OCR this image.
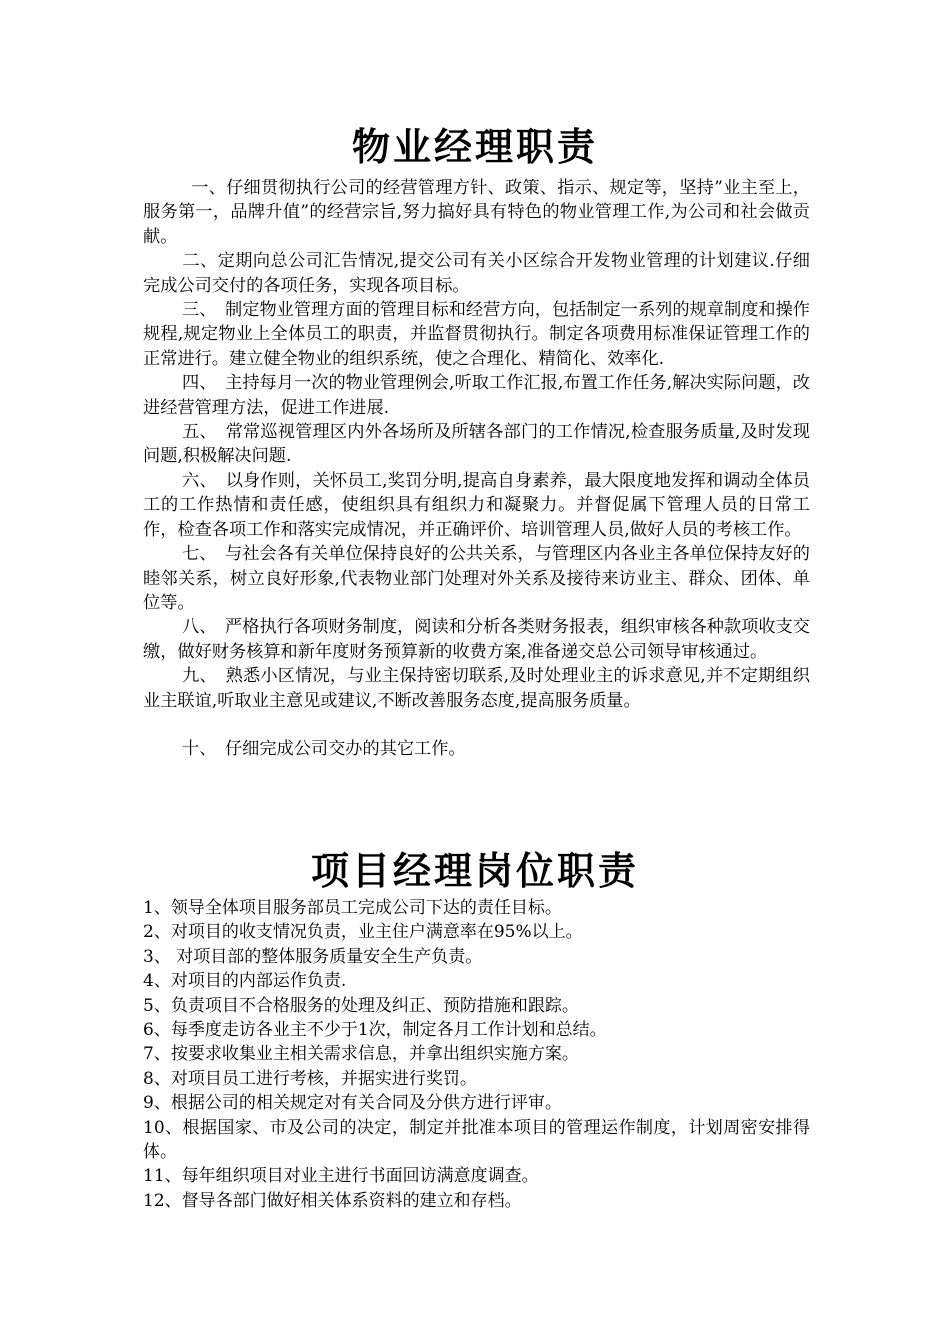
物业经理职责

一、仔细贯彻执行公司的经营管理方针、政策、指示、规定等，坚持”业主至上，服务第一，品牌升值”的经营宗旨,努力搞好具有特色的物业管理工作,为公司和社会做贡献。

二、定期向总公司汇告情况,提交公司有关小区综合开发物业管理的计划建议.仔细完成公司交付的各项任务，实现各项目标。

三、　制定物业管理方面的管理目标和经营方向，包括制定一系列的规章制度和操作规程,规定物业上全体员工的职责，并监督贯彻执行。制定各项费用标准保证管理工作的正常进行。建立健全物业的组织系统，使之合理化、精简化、效率化.

四、　主持每月一次的物业管理例会,听取工作汇报,布置工作任务,解决实际问题，改进经营管理方法，促进工作进展.

五、　常常巡视管理区内外各场所及所辖各部门的工作情况,检查服务质量,及时发现问题,积极解决问题.

六、　以身作则，关怀员工,奖罚分明,提高自身素养，最大限度地发挥和调动全体员工的工作热情和责任感，使组织具有组织力和凝聚力。并督促属下管理人员的日常工作，检查各项工作和落实完成情况，并正确评价、培训管理人员,做好人员的考核工作。

七、　与社会各有关单位保持良好的公共关系，与管理区内各业主各单位保持友好的睦邻关系，树立良好形象,代表物业部门处理对外关系及接待来访业主、群众、团体、单位等。

八、　严格执行各项财务制度，阅读和分析各类财务报表，组织审核各种款项收支交缴，做好财务核算和新年度财务预算新的收费方案,准备递交总公司领导审核通过。

九、　熟悉小区情况，与业主保持密切联系,及时处理业主的诉求意见,并不定期组织业主联谊,听取业主意见或建议,不断改善服务态度,提高服务质量。

十、　仔细完成公司交办的其它工作。

项目经理岗位职责

1、领导全体项目服务部员工完成公司下达的责任目标。

2、对项目的收支情况负责，业主住户满意率在95%以上。

3、 对项目部的整体服务质量安全生产负责。

4、对项目的内部运作负责.

5、负责项目不合格服务的处理及纠正、预防措施和跟踪。

6、每季度走访各业主不少于1次，制定各月工作计划和总结。

7、按要求收集业主相关需求信息，并拿出组织实施方案。

8、对项目员工进行考核，并据实进行奖罚。

9、根据公司的相关规定对有关合同及分供方进行评审。

10、根据国家、市及公司的决定，制定并批准本项目的管理运作制度，计划周密安排得体。

11、每年组织项目对业主进行书面回访满意度调查。

12、督导各部门做好相关体系资料的建立和存档。
